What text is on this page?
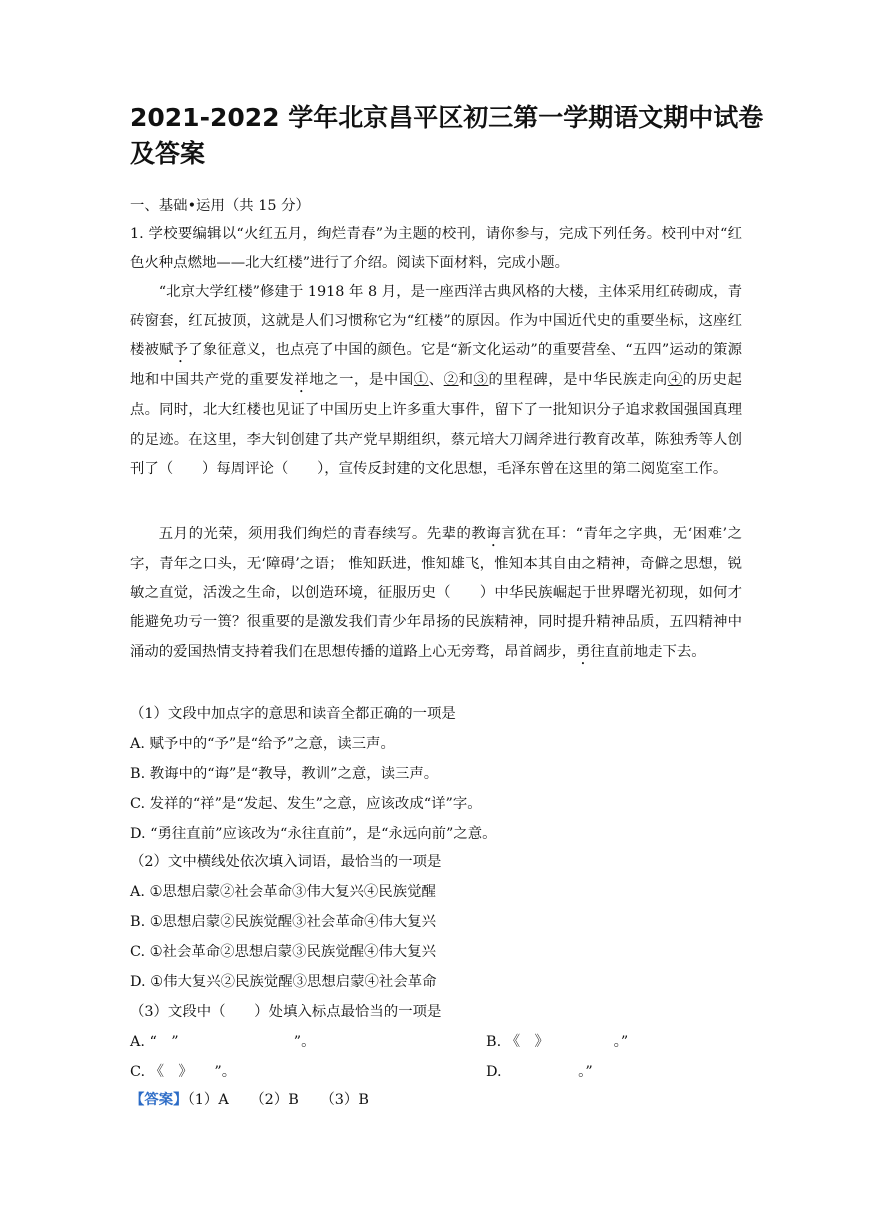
2021-2022 学年北京昌平区初三第一学期语文期中试卷及答案
一、基础•运用（共 15 分）
1. 学校要编辑以“火红五月，绚烂青春”为主题的校刊，请你参与，完成下列任务。校刊中对“红色火种点燃地——北大红楼”进行了介绍。阅读下面材料，完成小题。
“北京大学红楼”修建于 1918 年 8 月，是一座西洋古典风格的大楼，主体采用红砖砌成，青砖窗套，红瓦披顶，这就是人们习惯称它为“红楼”的原因。作为中国近代史的重要坐标，这座红楼被赋予了象征意义，也点亮了中国的颜色。它是“新文化运动”的重要营垒、“五四”运动的策源地和中国共产党的重要发祥地之一，是中国①、②和③的里程碑，是中华民族走向④的历史起点。同时，北大红楼也见证了中国历史上许多重大事件，留下了一批知识分子追求救国强国真理的足迹。在这里，李大钊创建了共产党早期组织，蔡元培大刀阔斧进行教育改革，陈独秀等人创刊了（　　）每周评论（　　），宣传反封建的文化思想，毛泽东曾在这里的第二阅览室工作。
五月的光荣，须用我们绚烂的青春续写。先辈的教诲言犹在耳：“青年之字典，无‘困难’之字，青年之口头，无‘障碍’之语； 惟知跃进，惟知雄飞，惟知本其自由之精神，奇僻之思想，锐敏之直觉，活泼之生命，以创造环境，征服历史（　　）中华民族崛起于世界曙光初现，如何才能避免功亏一篑？很重要的是激发我们青少年昂扬的民族精神，同时提升精神品质，五四精神中涌动的爱国热情支持着我们在思想传播的道路上心无旁骛，昂首阔步，勇往直前地走下去。
（1）文段中加点字的意思和读音全都正确的一项是
A. 赋予中的“予”是“给予”之意，读三声。
B. 教诲中的“诲”是“教导，教训”之意，读三声。
C. 发祥的“祥”是“发起、发生”之意，应该改成“详”字。
D. “勇往直前”应该改为“永往直前”，是“永远向前”之意。
（2）文中横线处依次填入词语，最恰当的一项是
A. ①思想启蒙②社会革命③伟大复兴④民族觉醒
B. ①思想启蒙②民族觉醒③社会革命④伟大复兴
C. ①社会革命②思想启蒙③民族觉醒④伟大复兴
D. ①伟大复兴②民族觉醒③思想启蒙④社会革命
（3）文段中（　　）处填入标点最恰当的一项是
A. “　”　　　　　　　　”。	B. 《　》　　　　　。”
C. 《　》　　”。	D. 　　　　　。”
【答案】（1）A　　（2）B　　（3）B
